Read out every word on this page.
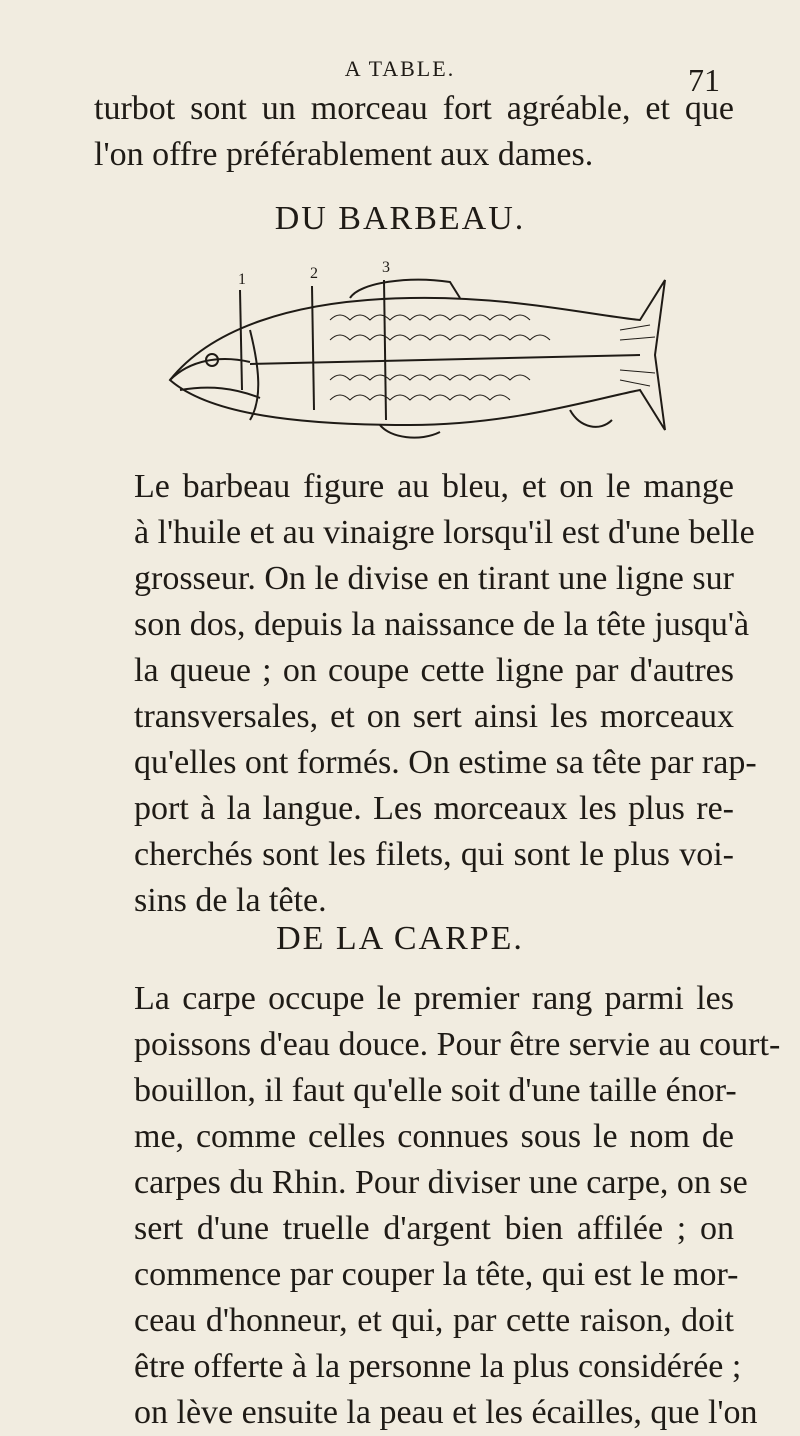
A TABLE.	71
turbot sont un morceau fort agréable, et que
l'on offre préférablement aux dames.
DU BARBEAU.
1	2	3
Le barbeau figure au bleu, et on le mange
à l'huile et au vinaigre lorsqu'il est d'une belle
grosseur. On le divise en tirant une ligne sur
son dos, depuis la naissance de la tête jusqu'à
la queue ; on coupe cette ligne par d'autres
transversales, et on sert ainsi les morceaux
qu'elles ont formés. On estime sa tête par rap-
port à la langue. Les morceaux les plus re-
cherchés sont les filets, qui sont le plus voi-
sins de la tête.
DE LA CARPE.
La carpe occupe le premier rang parmi les
poissons d'eau douce. Pour être servie au court-
bouillon, il faut qu'elle soit d'une taille énor-
me, comme celles connues sous le nom de
carpes du Rhin. Pour diviser une carpe, on se
sert d'une truelle d'argent bien affilée ; on
commence par couper la tête, qui est le mor-
ceau d'honneur, et qui, par cette raison, doit
être offerte à la personne la plus considérée ;
on lève ensuite la peau et les écailles, que l'on
